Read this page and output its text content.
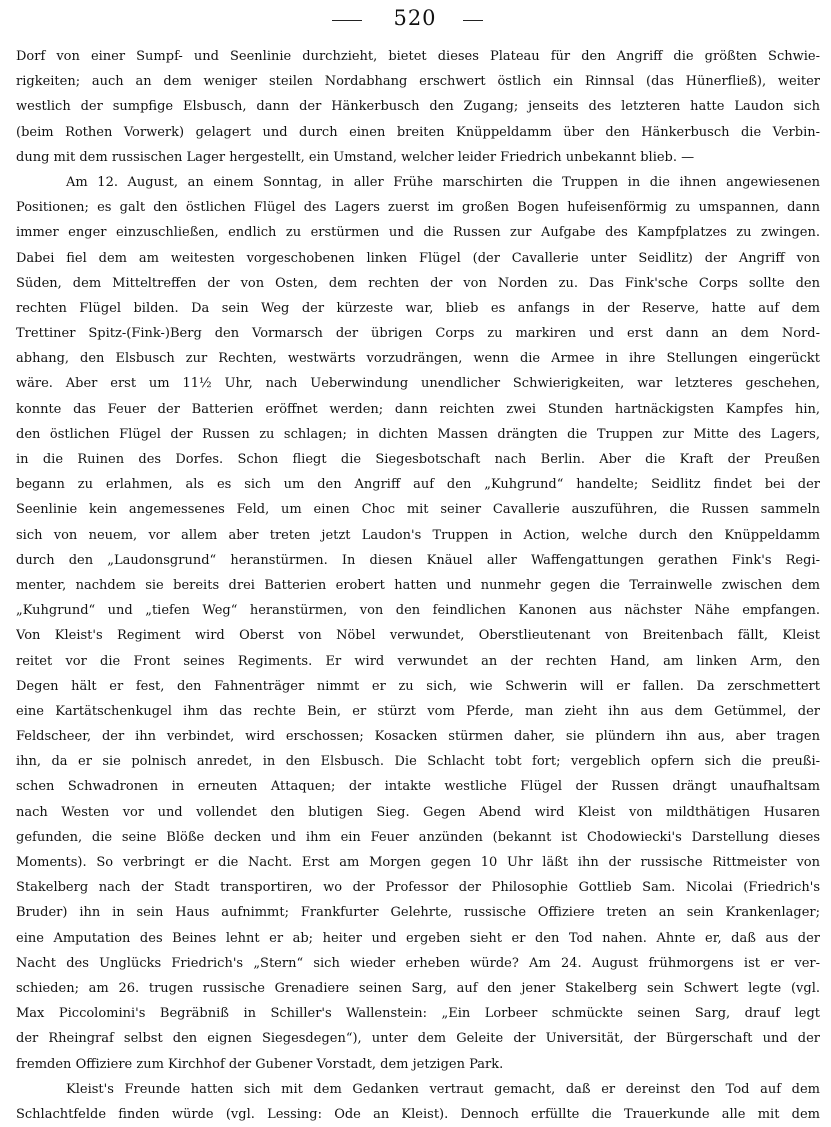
520
Dorf von einer Sumpf- und Seenlinie durchzieht, bietet dieses Plateau für den Angriff die größten Schwie-
rigkeiten; auch an dem weniger steilen Nordabhang erschwert östlich ein Rinnsal (das Hünerfließ), weiter
westlich der sumpfige Elsbusch, dann der Hänkerbusch den Zugang; jenseits des letzteren hatte Laudon sich
(beim Rothen Vorwerk) gelagert und durch einen breiten Knüppeldamm über den Hänkerbusch die Verbin-
dung mit dem russischen Lager hergestellt, ein Umstand, welcher leider Friedrich unbekannt blieb. —
Am 12. August, an einem Sonntag, in aller Frühe marschirten die Truppen in die ihnen angewiesenen
Positionen; es galt den östlichen Flügel des Lagers zuerst im großen Bogen hufeisenförmig zu umspannen, dann
immer enger einzuschließen, endlich zu erstürmen und die Russen zur Aufgabe des Kampfplatzes zu zwingen.
Dabei fiel dem am weitesten vorgeschobenen linken Flügel (der Cavallerie unter Seidlitz) der Angriff von
Süden, dem Mitteltreffen der von Osten, dem rechten der von Norden zu. Das Fink'sche Corps sollte den
rechten Flügel bilden. Da sein Weg der kürzeste war, blieb es anfangs in der Reserve, hatte auf dem
Trettiner Spitz-(Fink-)Berg den Vormarsch der übrigen Corps zu markiren und erst dann an dem Nord-
abhang, den Elsbusch zur Rechten, westwärts vorzudrängen, wenn die Armee in ihre Stellungen eingerückt
wäre. Aber erst um 11½ Uhr, nach Ueberwindung unendlicher Schwierigkeiten, war letzteres geschehen,
konnte das Feuer der Batterien eröffnet werden; dann reichten zwei Stunden hartnäckigsten Kampfes hin,
den östlichen Flügel der Russen zu schlagen; in dichten Massen drängten die Truppen zur Mitte des Lagers,
in die Ruinen des Dorfes. Schon fliegt die Siegesbotschaft nach Berlin. Aber die Kraft der Preußen
begann zu erlahmen, als es sich um den Angriff auf den „Kuhgrund“ handelte; Seidlitz findet bei der
Seenlinie kein angemessenes Feld, um einen Choc mit seiner Cavallerie auszuführen, die Russen sammeln
sich von neuem, vor allem aber treten jetzt Laudon's Truppen in Action, welche durch den Knüppeldamm
durch den „Laudonsgrund“ heranstürmen. In diesen Knäuel aller Waffengattungen gerathen Fink's Regi-
menter, nachdem sie bereits drei Batterien erobert hatten und nunmehr gegen die Terrainwelle zwischen dem
„Kuhgrund“ und „tiefen Weg“ heranstürmen, von den feindlichen Kanonen aus nächster Nähe empfangen.
Von Kleist's Regiment wird Oberst von Nöbel verwundet, Oberstlieutenant von Breitenbach fällt, Kleist
reitet vor die Front seines Regiments. Er wird verwundet an der rechten Hand, am linken Arm, den
Degen hält er fest, den Fahnenträger nimmt er zu sich, wie Schwerin will er fallen. Da zerschmettert
eine Kartätschenkugel ihm das rechte Bein, er stürzt vom Pferde, man zieht ihn aus dem Getümmel, der
Feldscheer, der ihn verbindet, wird erschossen; Kosacken stürmen daher, sie plündern ihn aus, aber tragen
ihn, da er sie polnisch anredet, in den Elsbusch. Die Schlacht tobt fort; vergeblich opfern sich die preußi-
schen Schwadronen in erneuten Attaquen; der intakte westliche Flügel der Russen drängt unaufhaltsam
nach Westen vor und vollendet den blutigen Sieg. Gegen Abend wird Kleist von mildthätigen Husaren
gefunden, die seine Blöße decken und ihm ein Feuer anzünden (bekannt ist Chodowiecki's Darstellung dieses
Moments). So verbringt er die Nacht. Erst am Morgen gegen 10 Uhr läßt ihn der russische Rittmeister von
Stakelberg nach der Stadt transportiren, wo der Professor der Philosophie Gottlieb Sam. Nicolai (Friedrich's
Bruder) ihn in sein Haus aufnimmt; Frankfurter Gelehrte, russische Offiziere treten an sein Krankenlager;
eine Amputation des Beines lehnt er ab; heiter und ergeben sieht er den Tod nahen. Ahnte er, daß aus der
Nacht des Unglücks Friedrich's „Stern“ sich wieder erheben würde? Am 24. August frühmorgens ist er ver-
schieden; am 26. trugen russische Grenadiere seinen Sarg, auf den jener Stakelberg sein Schwert legte (vgl.
Max Piccolomini's Begräbniß in Schiller's Wallenstein: „Ein Lorbeer schmückte seinen Sarg, drauf legt
der Rheingraf selbst den eignen Siegesdegen“), unter dem Geleite der Universität, der Bürgerschaft und der
fremden Offiziere zum Kirchhof der Gubener Vorstadt, dem jetzigen Park.
Kleist's Freunde hatten sich mit dem Gedanken vertraut gemacht, daß er dereinst den Tod auf dem
Schlachtfelde finden würde (vgl. Lessing: Ode an Kleist). Dennoch erfüllte die Trauerkunde alle mit dem
